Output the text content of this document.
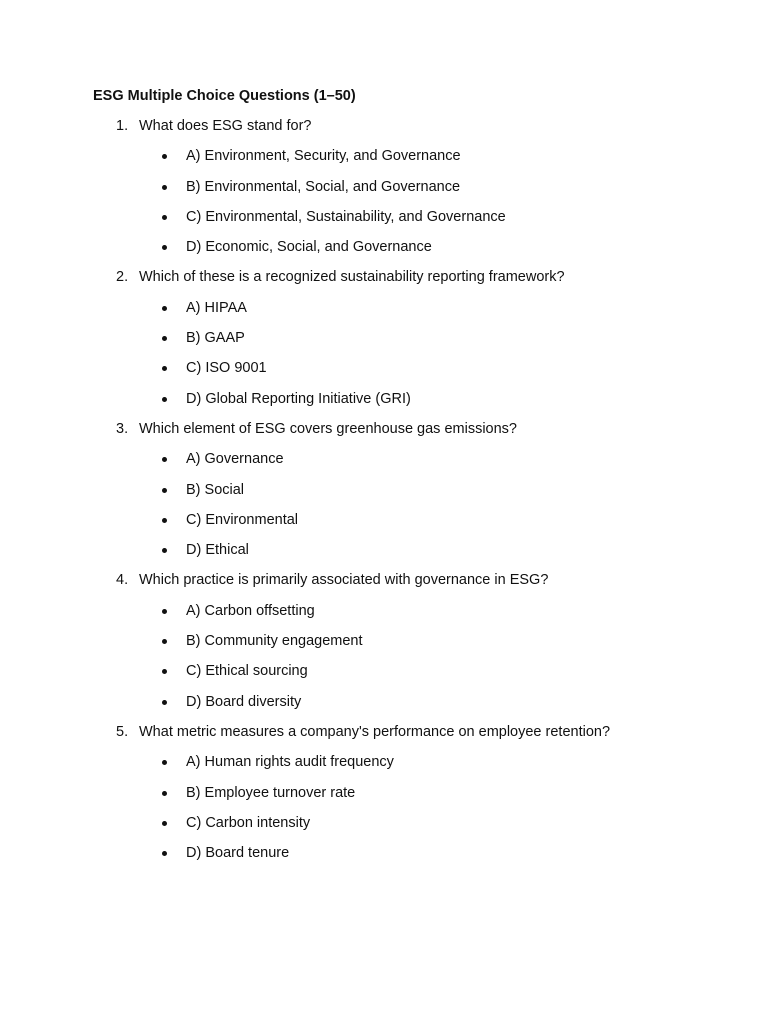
ESG Multiple Choice Questions (1–50)
1. What does ESG stand for?
A) Environment, Security, and Governance
B) Environmental, Social, and Governance
C) Environmental, Sustainability, and Governance
D) Economic, Social, and Governance
2. Which of these is a recognized sustainability reporting framework?
A) HIPAA
B) GAAP
C) ISO 9001
D) Global Reporting Initiative (GRI)
3. Which element of ESG covers greenhouse gas emissions?
A) Governance
B) Social
C) Environmental
D) Ethical
4. Which practice is primarily associated with governance in ESG?
A) Carbon offsetting
B) Community engagement
C) Ethical sourcing
D) Board diversity
5. What metric measures a company's performance on employee retention?
A) Human rights audit frequency
B) Employee turnover rate
C) Carbon intensity
D) Board tenure
